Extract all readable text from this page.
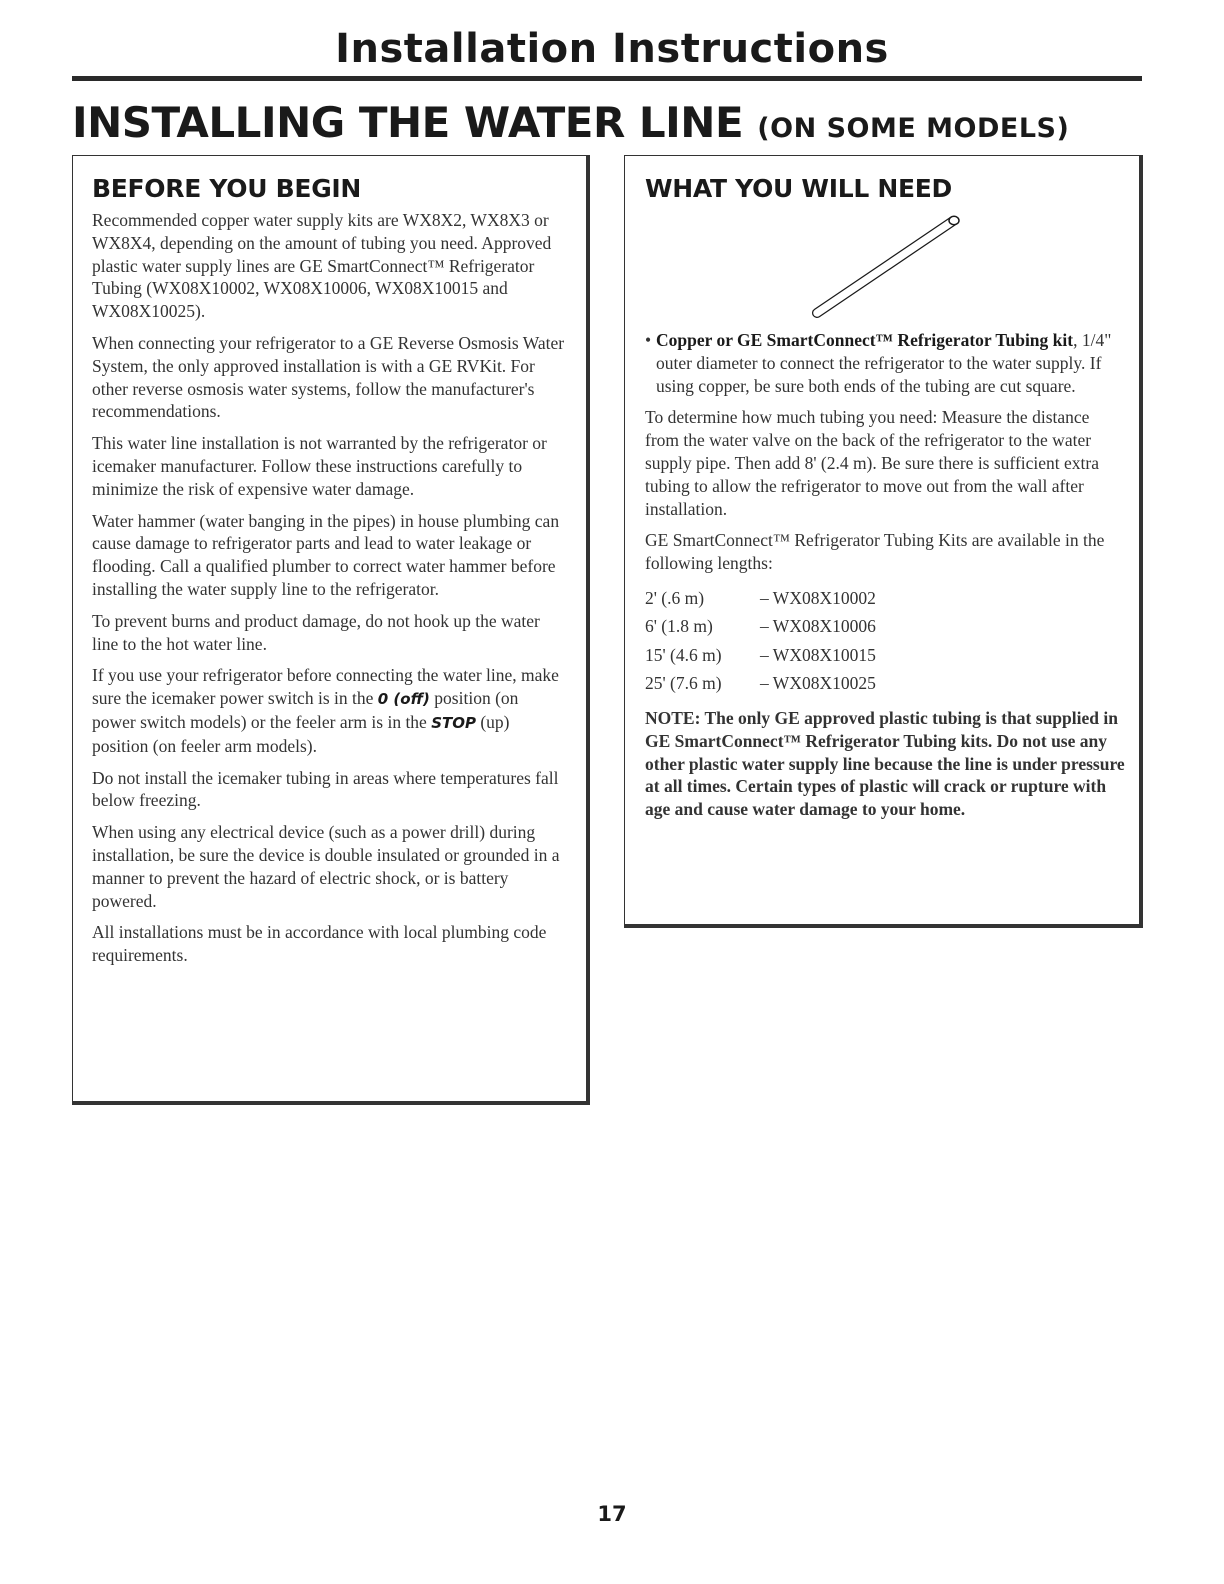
Installation Instructions
INSTALLING THE WATER LINE (ON SOME MODELS)
BEFORE YOU BEGIN

Recommended copper water supply kits are WX8X2, WX8X3 or WX8X4, depending on the amount of tubing you need. Approved plastic water supply lines are GE SmartConnect™ Refrigerator Tubing (WX08X10002, WX08X10006, WX08X10015 and WX08X10025).

When connecting your refrigerator to a GE Reverse Osmosis Water System, the only approved installation is with a GE RVKit. For other reverse osmosis water systems, follow the manufacturer's recommendations.

This water line installation is not warranted by the refrigerator or icemaker manufacturer. Follow these instructions carefully to minimize the risk of expensive water damage.

Water hammer (water banging in the pipes) in house plumbing can cause damage to refrigerator parts and lead to water leakage or flooding. Call a qualified plumber to correct water hammer before installing the water supply line to the refrigerator.

To prevent burns and product damage, do not hook up the water line to the hot water line.

If you use your refrigerator before connecting the water line, make sure the icemaker power switch is in the 0 (off) position (on power switch models) or the feeler arm is in the STOP (up) position (on feeler arm models).

Do not install the icemaker tubing in areas where temperatures fall below freezing.

When using any electrical device (such as a power drill) during installation, be sure the device is double insulated or grounded in a manner to prevent the hazard of electric shock, or is battery powered.

All installations must be in accordance with local plumbing code requirements.

WHAT YOU WILL NEED

• Copper or GE SmartConnect™ Refrigerator Tubing kit, 1/4" outer diameter to connect the refrigerator to the water supply. If using copper, be sure both ends of the tubing are cut square.

To determine how much tubing you need: Measure the distance from the water valve on the back of the refrigerator to the water supply pipe. Then add 8' (2.4 m). Be sure there is sufficient extra tubing to allow the refrigerator to move out from the wall after installation.

GE SmartConnect™ Refrigerator Tubing Kits are available in the following lengths:

2' (.6 m)	– WX08X10002
6' (1.8 m)	– WX08X10006
15' (4.6 m)	– WX08X10015
25' (7.6 m)	– WX08X10025

NOTE: The only GE approved plastic tubing is that supplied in GE SmartConnect™ Refrigerator Tubing kits. Do not use any other plastic water supply line because the line is under pressure at all times. Certain types of plastic will crack or rupture with age and cause water damage to your home.

17
